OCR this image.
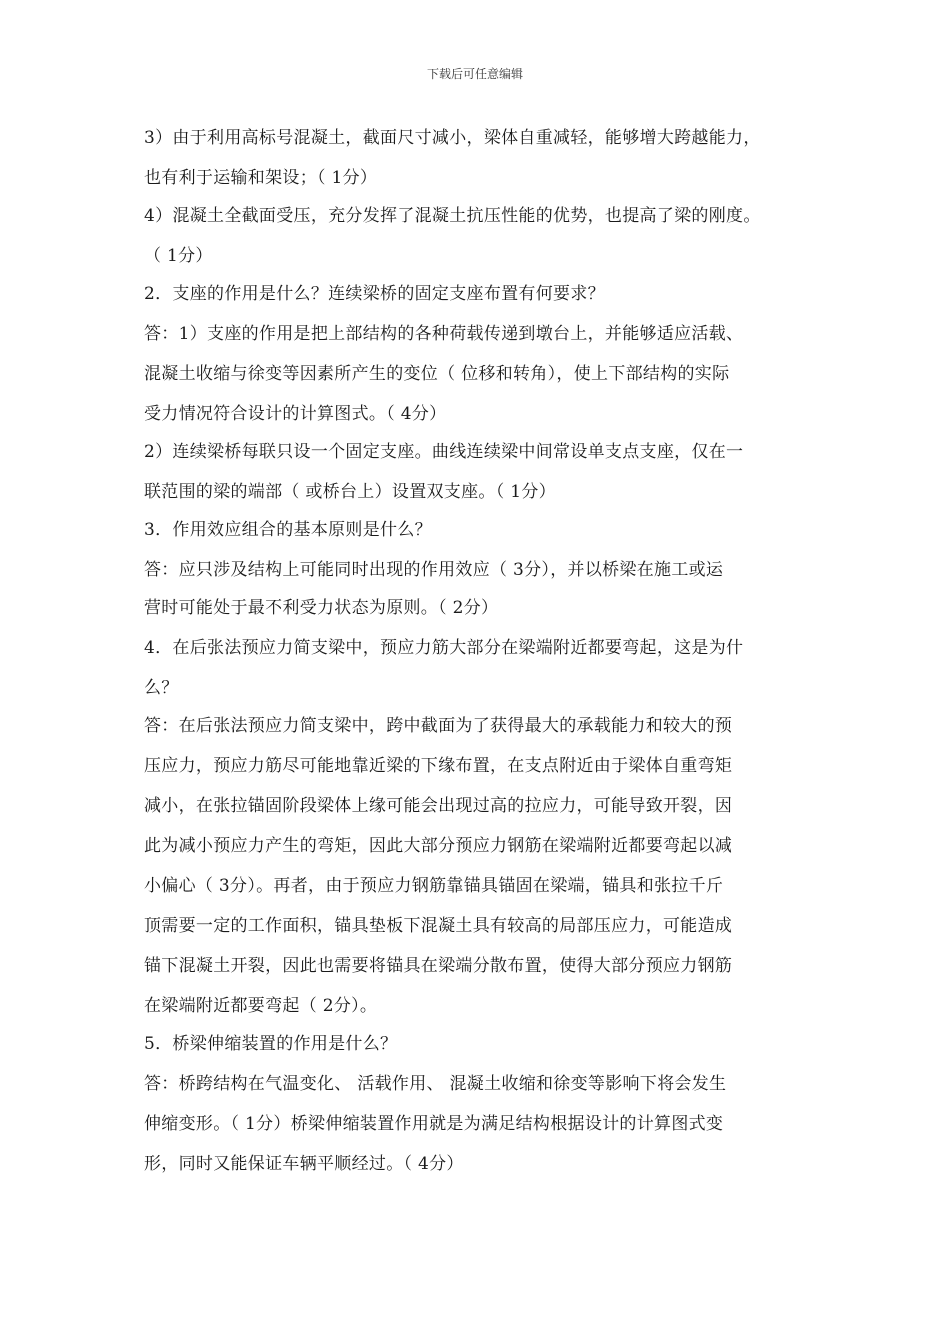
下载后可任意编辑
3）由于利用高标号混凝土，截面尺寸减小，梁体自重减轻，能够增大跨越能力，
也有利于运输和架设；（ 1分）
4）混凝土全截面受压，充分发挥了混凝土抗压性能的优势，也提高了梁的刚度。
（ 1分）
2．支座的作用是什么？连续梁桥的固定支座布置有何要求？
答：1）支座的作用是把上部结构的各种荷载传递到墩台上，并能够适应活载、
混凝土收缩与徐变等因素所产生的变位（ 位移和转角），使上下部结构的实际
受力情况符合设计的计算图式。（ 4分）
2）连续梁桥每联只设一个固定支座。曲线连续梁中间常设单支点支座，仅在一
联范围的梁的端部（ 或桥台上）设置双支座。（ 1分）
3．作用效应组合的基本原则是什么？
答：应只涉及结构上可能同时出现的作用效应（ 3分），并以桥梁在施工或运
营时可能处于最不利受力状态为原则。（ 2分）
4．在后张法预应力简支梁中，预应力筋大部分在梁端附近都要弯起，这是为什
么？
答：在后张法预应力简支梁中，跨中截面为了获得最大的承载能力和较大的预
压应力，预应力筋尽可能地靠近梁的下缘布置，在支点附近由于梁体自重弯矩
减小，在张拉锚固阶段梁体上缘可能会出现过高的拉应力，可能导致开裂，因
此为减小预应力产生的弯矩，因此大部分预应力钢筋在梁端附近都要弯起以减
小偏心（ 3分）。再者，由于预应力钢筋靠锚具锚固在梁端，锚具和张拉千斤
顶需要一定的工作面积，锚具垫板下混凝土具有较高的局部压应力，可能造成
锚下混凝土开裂，因此也需要将锚具在梁端分散布置，使得大部分预应力钢筋
在梁端附近都要弯起（ 2分）。
5．桥梁伸缩装置的作用是什么？
答：桥跨结构在气温变化、 活载作用、 混凝土收缩和徐变等影响下将会发生
伸缩变形。（ 1分）桥梁伸缩装置作用就是为满足结构根据设计的计算图式变
形，同时又能保证车辆平顺经过。（ 4分）
